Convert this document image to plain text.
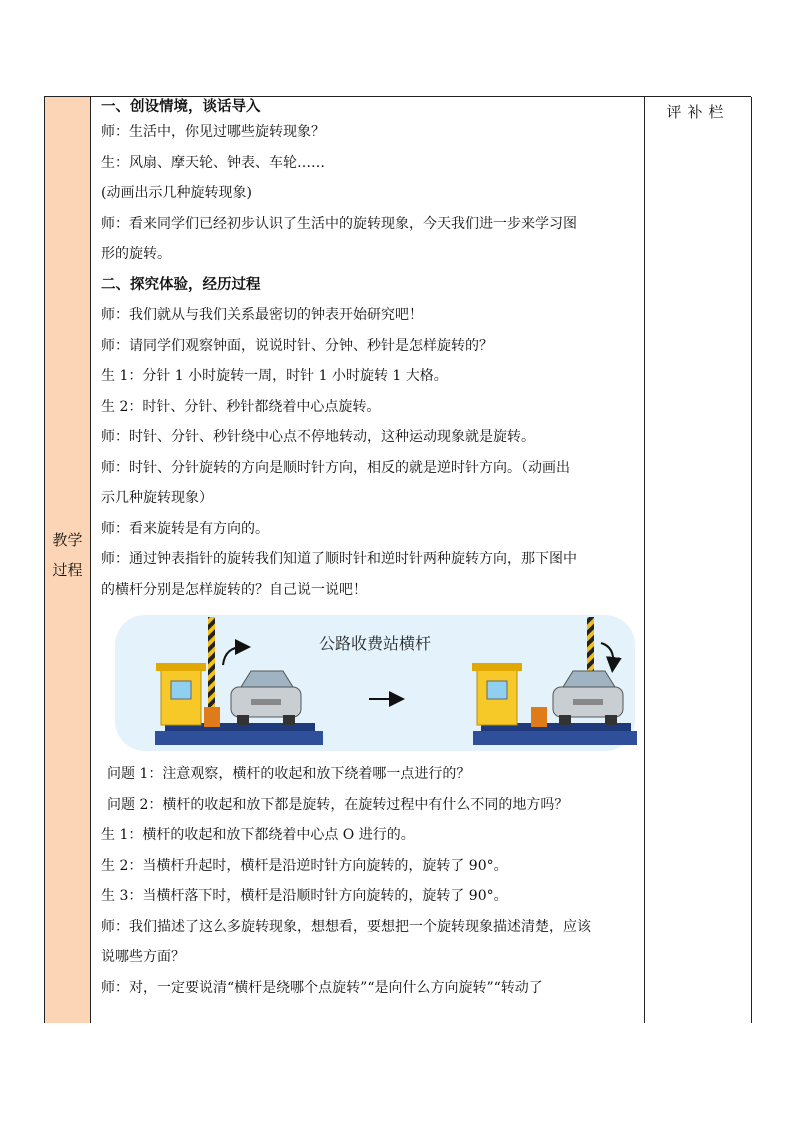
教学
过程
评补栏
一、创设情境，谈话导入
师：生活中，你见过哪些旋转现象？
生：风扇、摩天轮、钟表、车轮……
(动画出示几种旋转现象)
师：看来同学们已经初步认识了生活中的旋转现象，今天我们进一步来学习图
形的旋转。
二、探究体验，经历过程
师：我们就从与我们关系最密切的钟表开始研究吧！
师：请同学们观察钟面，说说时针、分钟、秒针是怎样旋转的？
生 1：分针 1 小时旋转一周，时针 1 小时旋转 1 大格。
生 2：时针、分针、秒针都绕着中心点旋转。
师：时针、分针、秒针绕中心点不停地转动，这种运动现象就是旋转。
师：时针、分针旋转的方向是顺时针方向，相反的就是逆时针方向。（动画出
示几种旋转现象）
师：看来旋转是有方向的。
师：通过钟表指针的旋转我们知道了顺时针和逆时针两种旋转方向，那下图中
的横杆分别是怎样旋转的？自己说一说吧！
公路收费站横杆
问题 1：注意观察，横杆的收起和放下绕着哪一点进行的？
问题 2：横杆的收起和放下都是旋转，在旋转过程中有什么不同的地方吗？
生 1：横杆的收起和放下都绕着中心点 O 进行的。
生 2：当横杆升起时，横杆是沿逆时针方向旋转的，旋转了 90°。
生 3：当横杆落下时，横杆是沿顺时针方向旋转的，旋转了 90°。
师：我们描述了这么多旋转现象，想想看，要想把一个旋转现象描述清楚，应该
说哪些方面？
师：对，一定要说清“横杆是绕哪个点旋转”“是向什么方向旋转”“转动了
